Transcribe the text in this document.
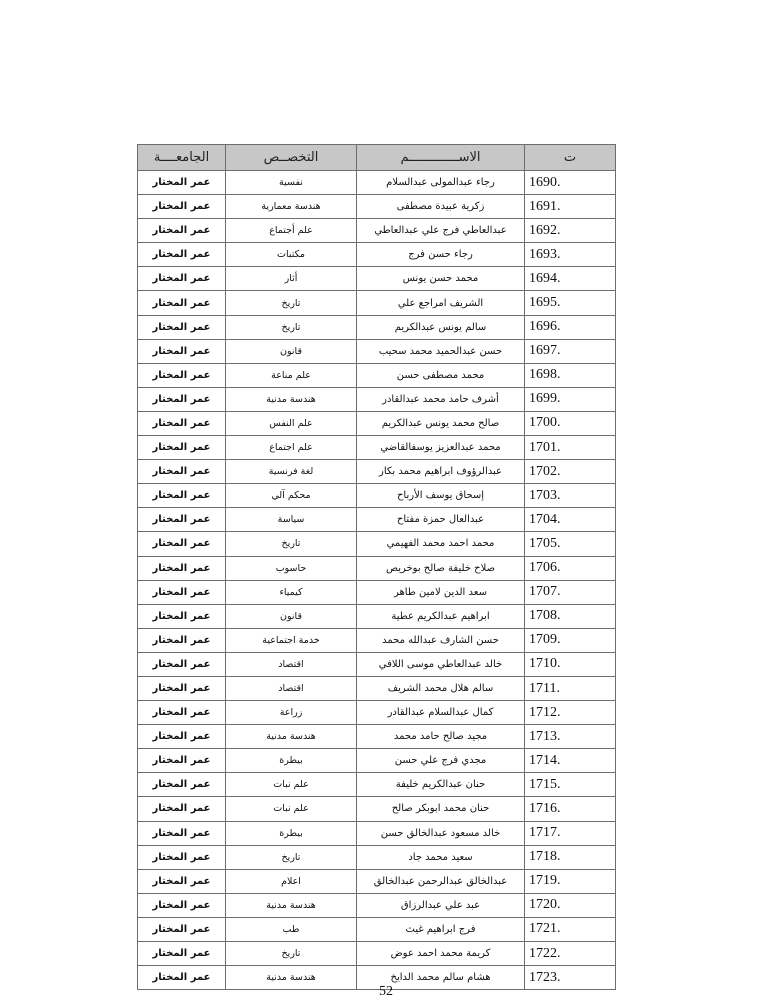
ت	الاســـــــــــــم	التخصــص	الجامعــــة
1690.	رجاء عبدالمولى عبدالسلام	نفسية	عمر المختار
1691.	زكرية عبيدة مصطفى	هندسة معمارية	عمر المختار
1692.	عبدالعاطي فرج علي عبدالعاطي	علم أجتماع	عمر المختار
1693.	رجاء حسن فرج	مكتبات	عمر المختار
1694.	محمد حسن يونس	أثار	عمر المختار
1695.	الشريف امراجع علي	تاريخ	عمر المختار
1696.	سالم يونس عبدالكريم	تاريخ	عمر المختار
1697.	حسن عبدالحميد محمد سحيب	قانون	عمر المختار
1698.	محمد مصطفى حسن	علم مناعة	عمر المختار
1699.	أشرف حامد محمد عبدالقادر	هندسة مدنية	عمر المختار
1700.	صالح محمد يونس عبدالكريم	علم النفس	عمر المختار
1701.	محمد عبدالعزيز يوسفالقاضي	علم اجتماع	عمر المختار
1702.	عبدالرؤوف ابراهيم محمد بكار	لغة فرنسية	عمر المختار
1703.	إسحاق يوسف الأرباح	محكم آلي	عمر المختار
1704.	عبدالعال حمزة مفتاح	سياسة	عمر المختار
1705.	محمد احمد محمد الفهيمي	تاريخ	عمر المختار
1706.	صلاح خليفة صالح بوخريص	حاسوب	عمر المختار
1707.	سعد الدين لامين طاهر	كيمياء	عمر المختار
1708.	ابراهيم عبدالكريم عطية	قانون	عمر المختار
1709.	حسن الشارف عبدالله محمد	خدمة اجتماعية	عمر المختار
1710.	خالد عبدالعاطي موسى اللافي	اقتصاد	عمر المختار
1711.	سالم هلال محمد الشريف	اقتصاد	عمر المختار
1712.	كمال عبدالسلام عبدالقادر	زراعة	عمر المختار
1713.	مجيد صالح حامد محمد	هندسة مدنية	عمر المختار
1714.	مجدي فرج علي حسن	بيطرة	عمر المختار
1715.	حنان عبدالكريم خليفة	علم نبات	عمر المختار
1716.	حنان محمد ابوبكر صالح	علم نبات	عمر المختار
1717.	خالد مسعود عبدالخالق حسن	بيطرة	عمر المختار
1718.	سعيد محمد جاد	تاريخ	عمر المختار
1719.	عبدالخالق عبدالرحمن عبدالخالق	اعلام	عمر المختار
1720.	عبد علي عبدالرزاق	هندسة مدنية	عمر المختار
1721.	فرج ابراهيم غيث	طب	عمر المختار
1722.	كريمة محمد احمد عوض	تاريخ	عمر المختار
1723.	هشام سالم محمد الدايخ	هندسة مدنية	عمر المختار
52
